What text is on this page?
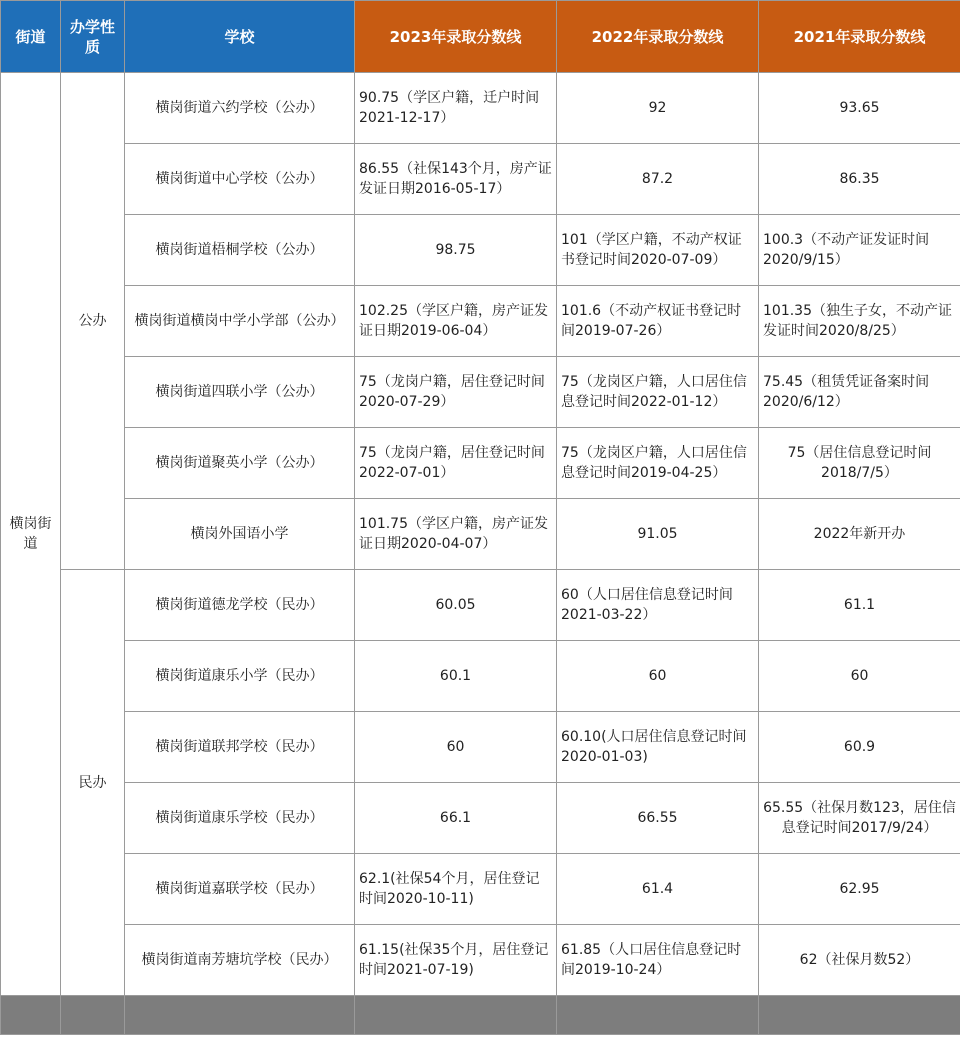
街道	办学性质	学校	2023年录取分数线	2022年录取分数线	2021年录取分数线
横岗街道	公办	横岗街道六约学校（公办）	90.75（学区户籍，迁户时间2021-12-17）	92	93.65
		横岗街道中心学校（公办）	86.55（社保143个月，房产证发证日期2016-05-17）	87.2	86.35
		横岗街道梧桐学校（公办）	98.75	101（学区户籍，不动产权证书登记时间2020-07-09）	100.3（不动产证发证时间2020/9/15）
		横岗街道横岗中学小学部（公办）	102.25（学区户籍，房产证发证日期2019-06-04）	101.6（不动产权证书登记时间2019-07-26）	101.35（独生子女，不动产证发证时间2020/8/25）
		横岗街道四联小学（公办）	75（龙岗户籍，居住登记时间2020-07-29）	75（龙岗区户籍，人口居住信息登记时间2022-01-12）	75.45（租赁凭证备案时间2020/6/12）
		横岗街道聚英小学（公办）	75（龙岗户籍，居住登记时间2022-07-01）	75（龙岗区户籍，人口居住信息登记时间2019-04-25）	75（居住信息登记时间2018/7/5）
		横岗外国语小学	101.75（学区户籍，房产证发证日期2020-04-07）	91.05	2022年新开办
	民办	横岗街道德龙学校（民办）	60.05	60（人口居住信息登记时间2021-03-22）	61.1
		横岗街道康乐小学（民办）	60.1	60	60
		横岗街道联邦学校（民办）	60	60.10(人口居住信息登记时间2020-01-03)	60.9
		横岗街道康乐学校（民办）	66.1	66.55	65.55（社保月数123，居住信息登记时间2017/9/24）
		横岗街道嘉联学校（民办）	62.1(社保54个月，居住登记时间2020-10-11)	61.4	62.95
		横岗街道南芳塘坑学校（民办）	61.15(社保35个月，居住登记时间2021-07-19)	61.85（人口居住信息登记时间2019-10-24）	62（社保月数52）
